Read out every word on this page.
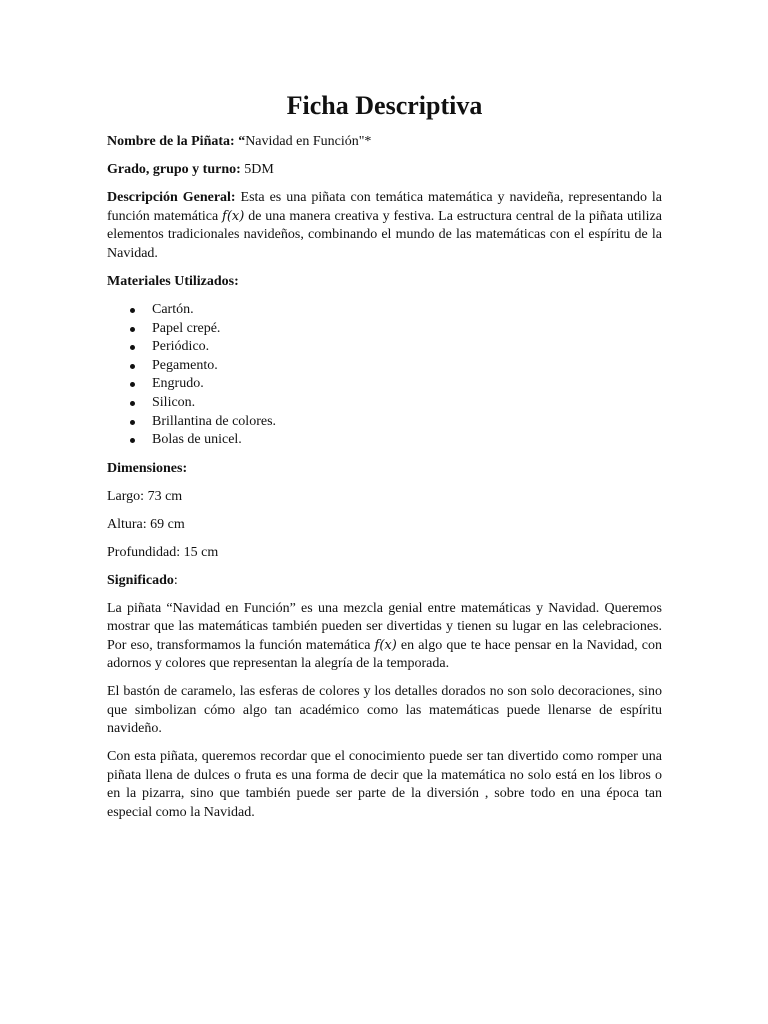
Ficha Descriptiva

Nombre de la Piñata: “Navidad en Función"*

Grado, grupo y turno: 5DM

Descripción General: Esta es una piñata con temática matemática y navideña, representando la función matemática f(x) de una manera creativa y festiva. La estructura central de la piñata utiliza elementos tradicionales navideños, combinando el mundo de las matemáticas con el espíritu de la Navidad.

Materiales Utilizados:

Cartón.
Papel crepé.
Periódico.
Pegamento.
Engrudo.
Silicon.
Brillantina de colores.
Bolas de unicel.

Dimensiones:

Largo: 73 cm

Altura: 69 cm

Profundidad: 15 cm

Significado:

La piñata “Navidad en Función” es una mezcla genial entre matemáticas y Navidad. Queremos mostrar que las matemáticas también pueden ser divertidas y tienen su lugar en las celebraciones. Por eso, transformamos la función matemática f(x) en algo que te hace pensar en la Navidad, con adornos y colores que representan la alegría de la temporada.

El bastón de caramelo, las esferas de colores y los detalles dorados no son solo decoraciones, sino que simbolizan cómo algo tan académico como las matemáticas puede llenarse de espíritu navideño.

Con esta piñata, queremos recordar que el conocimiento puede ser tan divertido como romper una piñata llena de dulces o fruta es una forma de decir que la matemática no solo está en los libros o en la pizarra, sino que también puede ser parte de la diversión , sobre todo en una época tan especial como la Navidad.
